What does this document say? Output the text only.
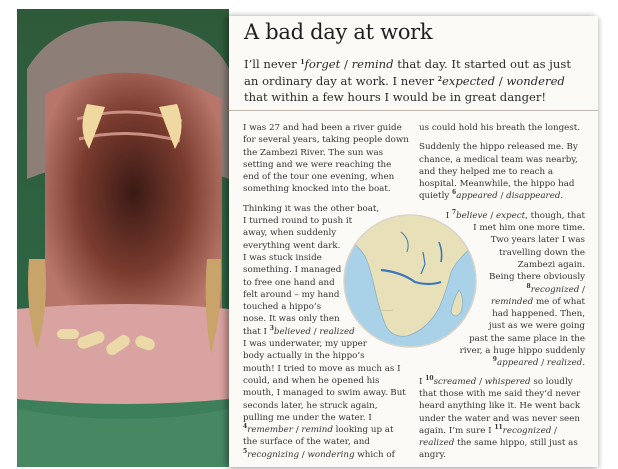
A bad day at work
I’ll never $^1$forget / remind that day. It started out as just an ordinary day at work. I never $^2$expected / wondered that within a few hours I would be in great danger!

I was 27 and had been a river guide for several years, taking people down the Zambezi River. The sun was setting and we were reaching the end of the tour one evening, when something knocked into the boat.

Thinking it was the other boat,
I turned round to push it
away, when suddenly
everything went dark.
I was stuck inside
something. I managed
to free one hand and
felt around – my hand
touched a hippo’s
nose. It was only then
that I $^3$believed / realized
I was underwater, my upper
body actually in the hippo’s
mouth! I tried to move as much as I could, and when he opened his mouth, I managed to swim away. But seconds later, he struck again, pulling me under the water. I $^4$remember / remind looking up at the surface of the water, and $^5$recognizing / wondering which of

us could hold his breath the longest.

Suddenly the hippo released me. By chance, a medical team was nearby, and they helped me to reach a hospital. Meanwhile, the hippo had quietly $^6$appeared / disappeared.

I $^7$believe / expect, though, that
I met him one more time.
Two years later I was
travelling down the
Zambezi again.
Being there obviously
$^8$recognized /
reminded me of what
had happened. Then,
just as we were going
past the same place in the
river, a huge hippo suddenly
$^9$appeared / realized.

I $^{10}$screamed / whispered so loudly that those with me said they’d never heard anything like it. He went back under the water and was never seen again. I’m sure I $^{11}$recognized / realized the same hippo, still just as angry.
